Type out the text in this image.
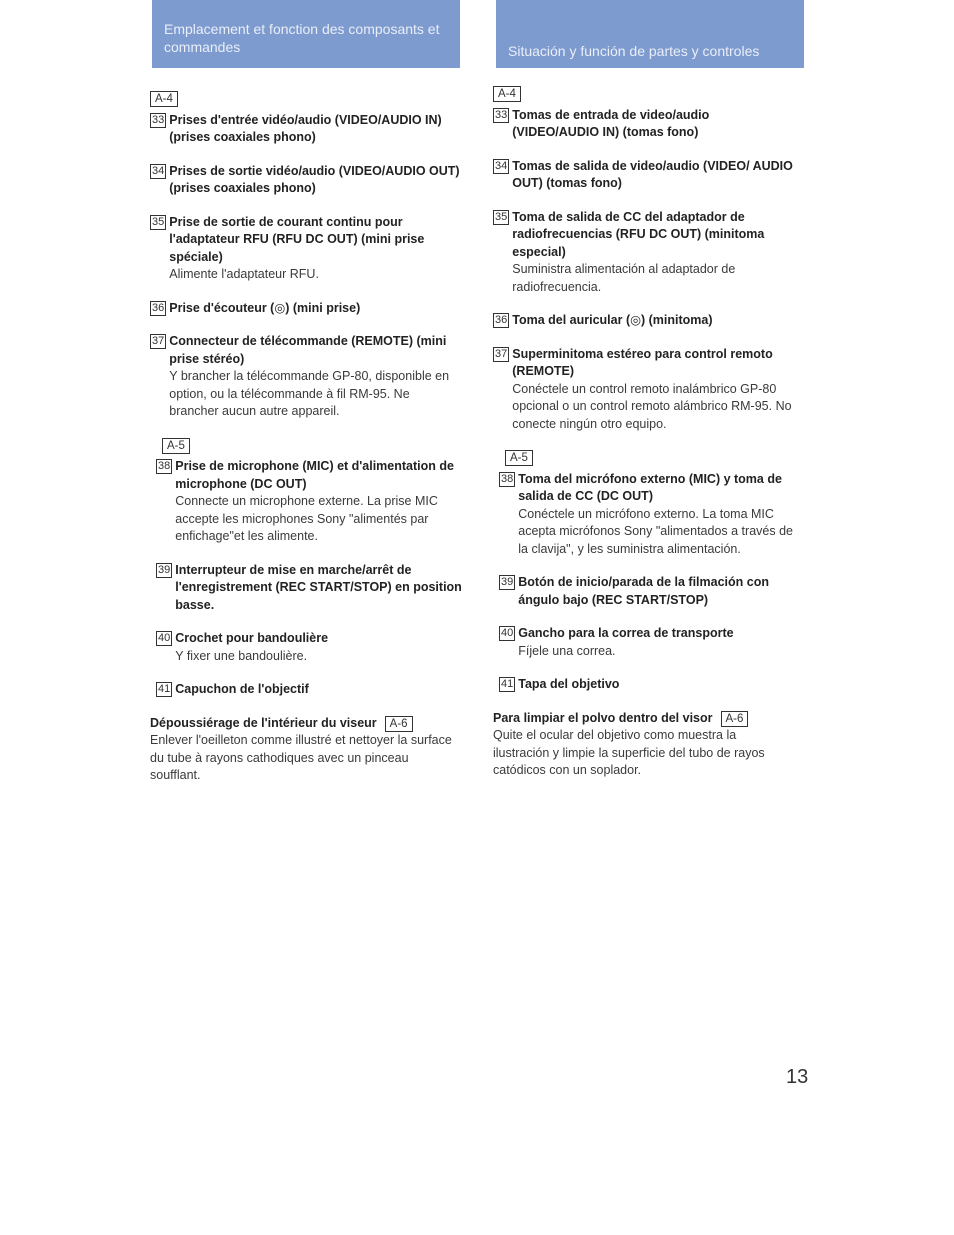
Emplacement et fonction des composants et commandes	Situación y función de partes y controles
A-4
33 Prises d'entrée vidéo/audio (VIDEO/AUDIO IN) (prises coaxiales phono)
34 Prises de sortie vidéo/audio (VIDEO/AUDIO OUT) (prises coaxiales phono)
35 Prise de sortie de courant continu pour l'adaptateur RFU (RFU DC OUT) (mini prise spéciale)
Alimente l'adaptateur RFU.
36 Prise d'écouteur (◎) (mini prise)
37 Connecteur de télécommande (REMOTE) (mini prise stéréo)
Y brancher la télécommande GP-80, disponible en option, ou la télécommande à fil RM-95. Ne brancher aucun autre appareil.
A-5
38 Prise de microphone (MIC) et d'alimentation de microphone (DC OUT)
Connecte un microphone externe. La prise MIC accepte les microphones Sony "alimentés par enfichage"et les alimente.
39 Interrupteur de mise en marche/arrêt de l'enregistrement (REC START/STOP) en position basse.
40 Crochet pour bandoulière
Y fixer une bandoulière.
41 Capuchon de l'objectif
Dépoussiérage de l'intérieur du viseur A-6
Enlever l'oeilleton comme illustré et nettoyer la surface du tube à rayons cathodiques avec un pinceau soufflant.
A-4
33 Tomas de entrada de video/audio (VIDEO/AUDIO IN) (tomas fono)
34 Tomas de salida de video/audio (VIDEO/ AUDIO OUT) (tomas fono)
35 Toma de salida de CC del adaptador de radiofrecuencias (RFU DC OUT) (minitoma especial)
Suministra alimentación al adaptador de radiofrecuencia.
36 Toma del auricular (◎) (minitoma)
37 Superminitoma estéreo para control remoto (REMOTE)
Conéctele un control remoto inalámbrico GP-80 opcional o un control remoto alámbrico RM-95. No conecte ningún otro equipo.
A-5
38 Toma del micrófono externo (MIC) y toma de salida de CC (DC OUT)
Conéctele un micrófono externo. La toma MIC acepta micrófonos Sony "alimentados a través de la clavija", y les suministra alimentación.
39 Botón de inicio/parada de la filmación con ángulo bajo (REC START/STOP)
40 Gancho para la correa de transporte
Fíjele una correa.
41 Tapa del objetivo
Para limpiar el polvo dentro del visor A-6
Quite el ocular del objetivo como muestra la ilustración y limpie la superficie del tubo de rayos catódicos con un soplador.
13
